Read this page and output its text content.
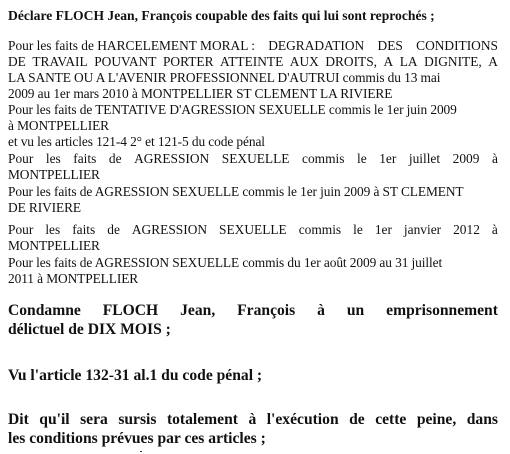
Déclare FLOCH Jean, François coupable des faits qui lui sont reprochés ;
Pour les faits de HARCELEMENT MORAL : DEGRADATION DES CONDITIONS
DE TRAVAIL POUVANT PORTER ATTEINTE AUX DROITS, A LA DIGNITE, A
LA SANTE OU A L'AVENIR PROFESSIONNEL D'AUTRUI commis du 13 mai
2009 au 1er mars 2010 à MONTPELLIER ST CLEMENT LA RIVIERE
Pour les faits de TENTATIVE D'AGRESSION SEXUELLE commis le 1er juin 2009
à MONTPELLIER
et vu les articles 121-4 2° et 121-5 du code pénal
Pour les faits de AGRESSION SEXUELLE commis le 1er juillet 2009 à
MONTPELLIER
Pour les faits de AGRESSION SEXUELLE commis le 1er juin 2009 à ST CLEMENT
DE RIVIERE
Pour les faits de AGRESSION SEXUELLE commis le 1er janvier 2012 à
MONTPELLIER
Pour les faits de AGRESSION SEXUELLE commis du 1er août 2009 au 31 juillet
2011 à MONTPELLIER
Condamne FLOCH Jean, François à un emprisonnement
délictuel de DIX MOIS ;
Vu l'article 132-31 al.1 du code pénal ;
Dit qu'il sera sursis totalement à l'exécution de cette peine, dans
les conditions prévues par ces articles ;
